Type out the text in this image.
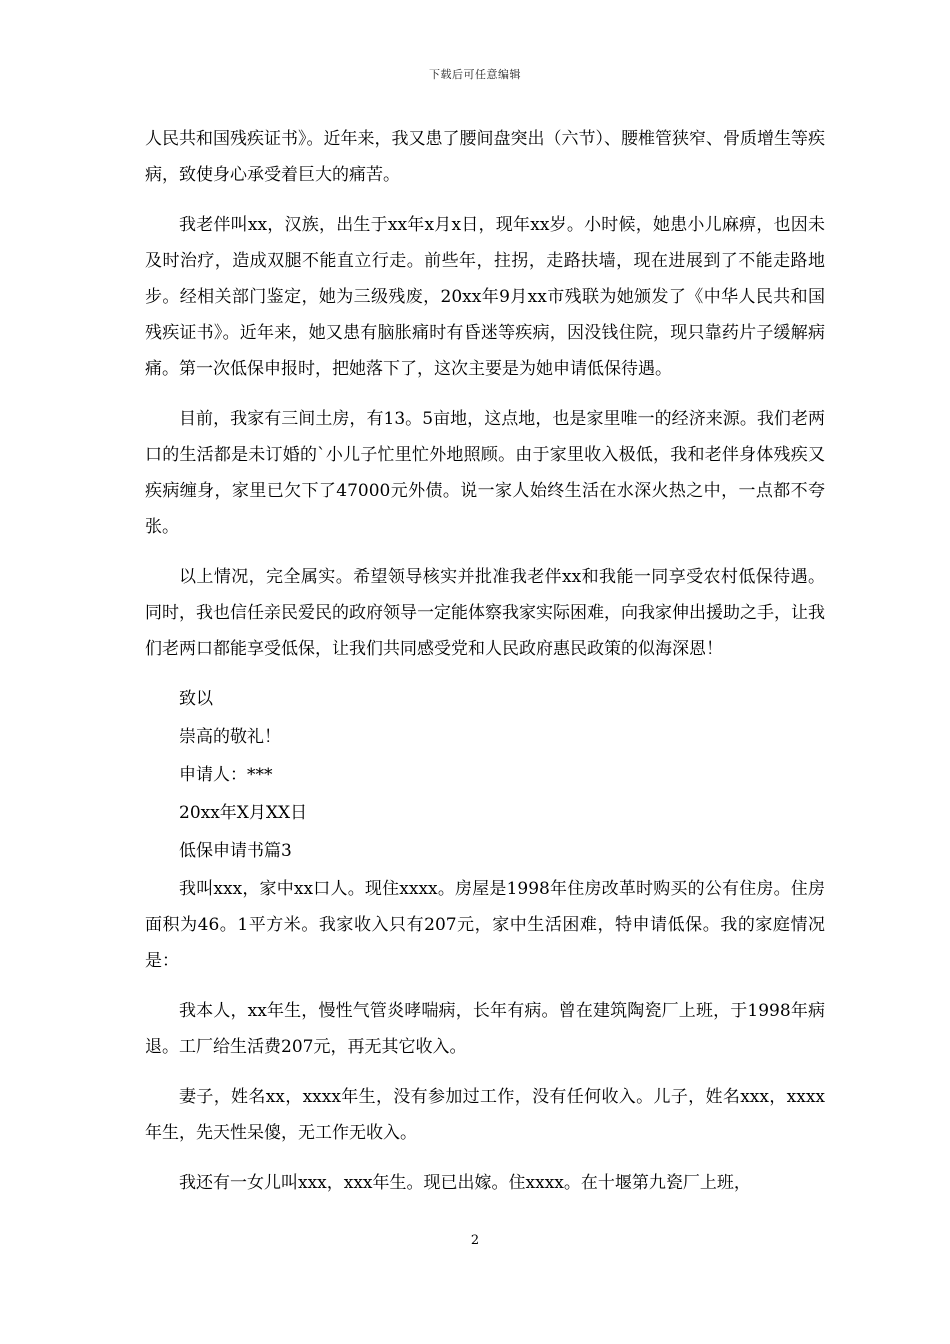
下载后可任意编辑

人民共和国残疾证书》。近年来，我又患了腰间盘突出（六节）、腰椎管狭窄、骨质增生等疾病，致使身心承受着巨大的痛苦。

我老伴叫xx，汉族，出生于xx年x月x日，现年xx岁。小时候，她患小儿麻痹，也因未及时治疗，造成双腿不能直立行走。前些年，拄拐，走路扶墙，现在进展到了不能走路地步。经相关部门鉴定，她为三级残废，20xx年9月xx市残联为她颁发了《中华人民共和国残疾证书》。近年来，她又患有脑胀痛时有昏迷等疾病，因没钱住院，现只靠药片子缓解病痛。第一次低保申报时，把她落下了，这次主要是为她申请低保待遇。

目前，我家有三间土房，有13。5亩地，这点地，也是家里唯一的经济来源。我们老两口的生活都是未订婚的`小儿子忙里忙外地照顾。由于家里收入极低，我和老伴身体残疾又疾病缠身，家里已欠下了47000元外债。说一家人始终生活在水深火热之中，一点都不夸张。

以上情况，完全属实。希望领导核实并批准我老伴xx和我能一同享受农村低保待遇。同时，我也信任亲民爱民的政府领导一定能体察我家实际困难，向我家伸出援助之手，让我们老两口都能享受低保，让我们共同感受党和人民政府惠民政策的似海深恩！

致以

崇高的敬礼！

申请人：***

20xx年X月XX日

低保申请书篇3

我叫xxx，家中xx口人。现住xxxx。房屋是1998年住房改革时购买的公有住房。住房面积为46。1平方米。我家收入只有207元，家中生活困难，特申请低保。我的家庭情况是：

我本人，xx年生，慢性气管炎哮喘病，长年有病。曾在建筑陶瓷厂上班，于1998年病退。工厂给生活费207元，再无其它收入。

妻子，姓名xx，xxxx年生，没有参加过工作，没有任何收入。儿子，姓名xxx，xxxx年生，先天性呆傻，无工作无收入。

我还有一女儿叫xxx，xxx年生。现已出嫁。住xxxx。在十堰第九瓷厂上班，

2
